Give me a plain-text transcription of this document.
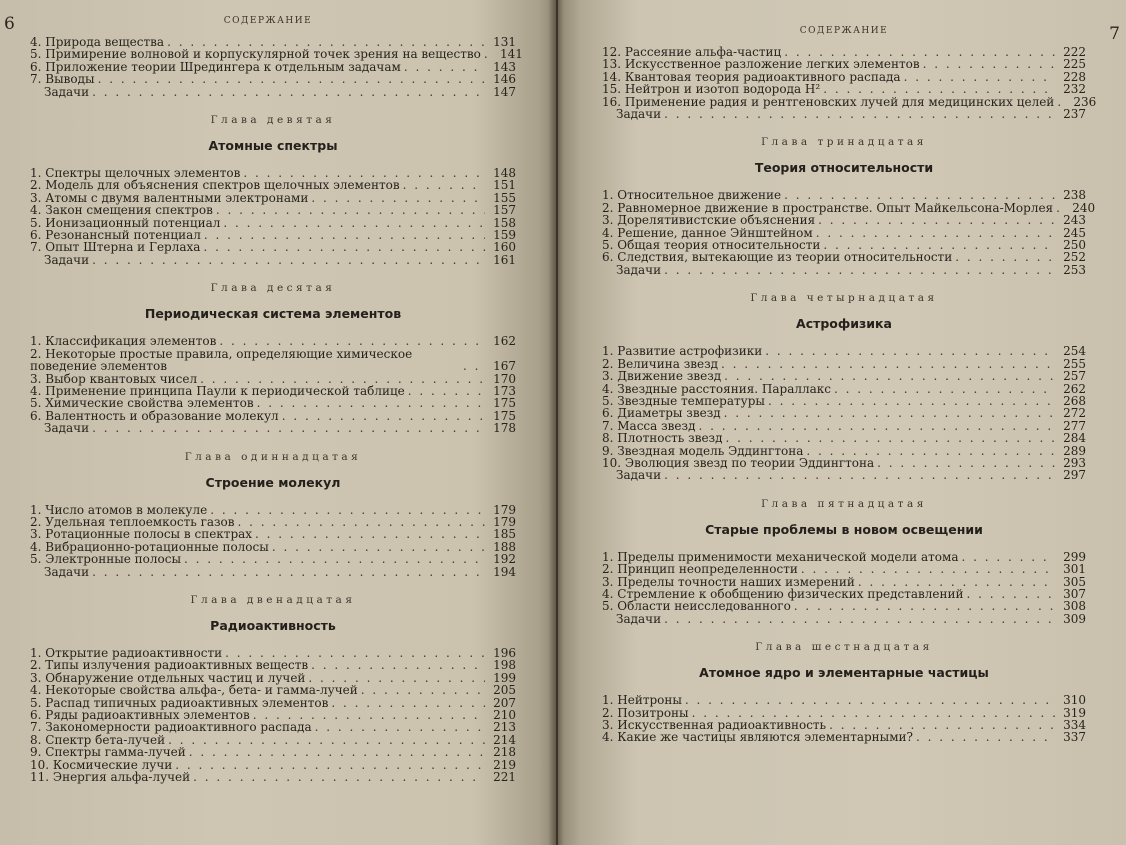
6	СОДЕРЖАНИЕ
4. Природа вещества . . .	131
5. Примирение волновой и корпускулярной точек зрения на вещество . . .	141
6. Приложение теории Шредингера к отдельным задачам . . .	143
7. Выводы . . .	146
Задачи . . .	147
Глава девятая
Атомные спектры
1. Спектры щелочных элементов . . .	148
2. Модель для объяснения спектров щелочных элементов . . .	151
3. Атомы с двумя валентными электронами . . .	155
4. Закон смещения спектров . . .	157
5. Ионизационный потенциал . . .	158
6. Резонансный потенциал . . .	159
7. Опыт Штерна и Герлаха . . .	160
Задачи . . .	161
Глава десятая
Периодическая система элементов
1. Классификация элементов . . .	162
2. Некоторые простые правила, определяющие химическое поведение элементов . . .	167
3. Выбор квантовых чисел . . .	170
4. Применение принципа Паули к периодической таблице . . .	173
5. Химические свойства элементов . . .	175
6. Валентность и образование молекул . . .	175
Задачи . . .	178
Глава одиннадцатая
Строение молекул
1. Число атомов в молекуле . . .	179
2. Удельная теплоемкость газов . . .	179
3. Ротационные полосы в спектрах . . .	185
4. Вибрационно-ротационные полосы . . .	188
5. Электронные полосы . . .	192
Задачи . . .	194
Глава двенадцатая
Радиоактивность
1. Открытие радиоактивности . . .	196
2. Типы излучения радиоактивных веществ . . .	198
3. Обнаружение отдельных частиц и лучей . . .	199
4. Некоторые свойства альфа-, бета- и гамма-лучей . . .	205
5. Распад типичных радиоактивных элементов . . .	207
6. Ряды радиоактивных элементов . . .	210
7. Закономерности радиоактивного распада . . .	213
8. Спектр бета-лучей . . .	214
9. Спектры гамма-лучей . . .	218
10. Космические лучи . . .	219
11. Энергия альфа-лучей . . .	221
СОДЕРЖАНИЕ	7
12. Рассеяние альфа-частиц . . .	222
13. Искусственное разложение легких элементов . . .	225
14. Квантовая теория радиоактивного распада . . .	228
15. Нейтрон и изотоп водорода H² . . .	232
16. Применение радия и рентгеновских лучей для медицинских целей . . .	236
Задачи . . .	237
Глава тринадцатая
Теория относительности
1. Относительное движение . . .	238
2. Равномерное движение в пространстве. Опыт Майкельсона-Морлея . . .	240
3. Дорелятивистские объяснения . . .	243
4. Решение, данное Эйнштейном . . .	245
5. Общая теория относительности . . .	250
6. Следствия, вытекающие из теории относительности . . .	252
Задачи . . .	253
Глава четырнадцатая
Астрофизика
1. Развитие астрофизики . . .	254
2. Величина звезд . . .	255
3. Движение звезд . . .	257
4. Звездные расстояния. Параллакс . . .	262
5. Звездные температуры . . .	268
6. Диаметры звезд . . .	272
7. Масса звезд . . .	277
8. Плотность звезд . . .	284
9. Звездная модель Эддингтона . . .	289
10. Эволюция звезд по теории Эддингтона . . .	293
Задачи . . .	297
Глава пятнадцатая
Старые проблемы в новом освещении
1. Пределы применимости механической модели атома . . .	299
2. Принцип неопределенности . . .	301
3. Пределы точности наших измерений . . .	305
4. Стремление к обобщению физических представлений . . .	307
5. Области неисследованного . . .	308
Задачи . . .	309
Глава шестнадцатая
Атомное ядро и элементарные частицы
1. Нейтроны . . .	310
2. Позитроны . . .	319
3. Искусственная радиоактивность . . .	334
4. Какие же частицы являются элементарными? . . .	337
